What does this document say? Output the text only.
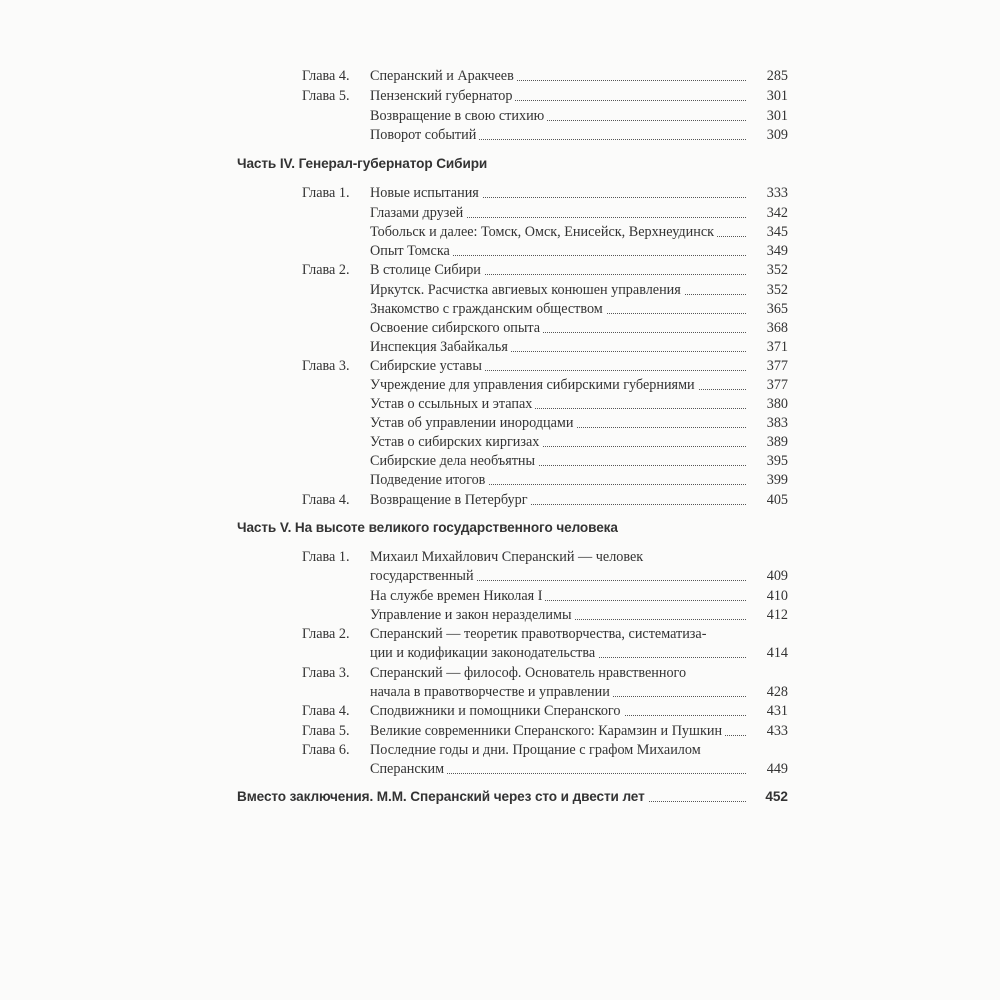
Глава 4. Сперанский и Аракчеев	285
Глава 5. Пензенский губернатор	301
Возвращение в свою стихию	301
Поворот событий	309
Часть IV. Генерал-губернатор Сибири
Глава 1. Новые испытания	333
Глазами друзей	342
Тобольск и далее: Томск, Омск, Енисейск, Верхнеудинск	345
Опыт Томска	349
Глава 2. В столице Сибири	352
Иркутск. Расчистка авгиевых конюшен управления	352
Знакомство с гражданским обществом	365
Освоение сибирского опыта	368
Инспекция Забайкалья	371
Глава 3. Сибирские уставы	377
Учреждение для управления сибирскими губерниями	377
Устав о ссыльных и этапах	380
Устав об управлении инородцами	383
Устав о сибирских киргизах	389
Сибирские дела необъятны	395
Подведение итогов	399
Глава 4. Возвращение в Петербург	405
Часть V. На высоте великого государственного человека
Глава 1. Михаил Михайлович Сперанский — человек
государственный	409
На службе времен Николая I	410
Управление и закон неразделимы	412
Глава 2. Сперанский — теоретик правотворчества, систематиза-
ции и кодификации законодательства	414
Глава 3. Сперанский — философ. Основатель нравственного
начала в правотворчестве и управлении	428
Глава 4. Сподвижники и помощники Сперанского	431
Глава 5. Великие современники Сперанского: Карамзин и Пушкин	433
Глава 6. Последние годы и дни. Прощание с графом Михаилом
Сперанским	449
Вместо заключения. М.М. Сперанский через сто и двести лет	452
